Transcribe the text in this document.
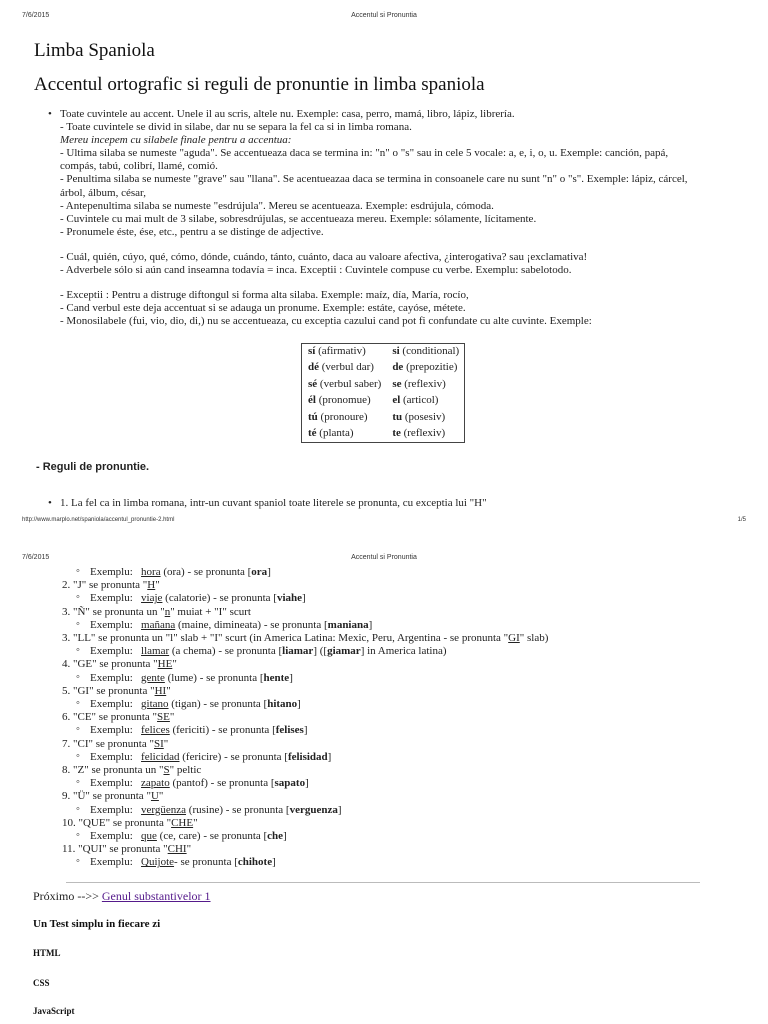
7/6/2015	Accentul si Pronuntia
Limba Spaniola
Accentul ortografic si reguli de pronuntie in limba spaniola
• Toate cuvintele au accent. Unele il au scris, altele nu. Exemple: casa, perro, mamá, libro, lápiz, librería.
- Toate cuvintele se divid in silabe, dar nu se separa la fel ca si in limba romana.
Mereu incepem cu silabele finale pentru a accentua:
- Ultima silaba se numeste "aguda". Se accentueaza daca se termina in: "n" o "s" sau in cele 5 vocale: a, e, i, o, u. Exemple: canción, papá,
compás, tabú, colibrí, llamé, comió.
- Penultima silaba se numeste "grave" sau "llana". Se acentueazaa daca se termina in consoanele care nu sunt "n" o "s". Exemple: lápiz, cárcel,
árbol, álbum, césar,
- Antepenultima silaba se numeste "esdrújula". Mereu se acentueaza. Exemple: esdrújula, cómoda.
- Cuvintele cu mai mult de 3 silabe, sobresdrújulas, se accentueaza mereu. Exemple: sólamente, lícitamente.
- Pronumele éste, ése, etc., pentru a se distinge de adjective.
- Cuál, quién, cúyo, qué, cómo, dónde, cuándo, tánto, cuánto, daca au valoare afectiva, ¿interogativa? sau ¡exclamativa!
- Adverbele sólo si aún cand inseamna todavía = inca. Exceptii : Cuvintele compuse cu verbe. Exemplu: sabelotodo.
- Exceptii : Pentru a distruge diftongul si forma alta silaba. Exemple: maíz, día, María, rocío,
- Cand verbul este deja accentuat si se adauga un pronume. Exemple: estáte, cayóse, métete.
- Monosilabele (fui, vio, dio, di,) nu se accentueaza, cu exceptia cazului cand pot fi confundate cu alte cuvinte. Exemple:
sí (afirmativ)	si (conditional)
dé (verbul dar)	de (prepozitie)
sé (verbul saber)	se (reflexiv)
él (pronomue)	el (articol)
tú (pronoure)	tu (posesiv)
té (planta)	te (reflexiv)
- Reguli de pronuntie.
• 1. La fel ca in limba romana, intr-un cuvant spaniol toate literele se pronunta, cu exceptia lui "H"
http://www.marplo.net/spaniola/accentul_pronuntie-2.html	1/5
7/6/2015	Accentul si Pronuntia
◦ Exemplu: hora (ora) - se pronunta [ora]
2. "J" se pronunta "H"
◦ Exemplu: viaje (calatorie) - se pronunta [viahe]
3. "Ñ" se pronunta un "n" muiat + "I" scurt
◦ Exemplu: mañana (maine, dimineata) - se pronunta [maniana]
3. "LL" se pronunta un "l" slab + "I" scurt (in America Latina: Mexic, Peru, Argentina - se pronunta "GI" slab)
◦ Exemplu: llamar (a chema) - se pronunta [liamar] ([giamar] in America latina)
4. "GE" se pronunta "HE"
◦ Exemplu: gente (lume) - se pronunta [hente]
5. "GI" se pronunta "HI"
◦ Exemplu: gitano (tigan) - se pronunta [hitano]
6. "CE" se pronunta "SE"
◦ Exemplu: felices (fericiti) - se pronunta [felises]
7. "CI" se pronunta "SI"
◦ Exemplu: felicidad (fericire) - se pronunta [felisidad]
8. "Z" se pronunta un "S" peltic
◦ Exemplu: zapato (pantof) - se pronunta [sapato]
9. "Ü" se pronunta "U"
◦ Exemplu: vergüenza (rusine) - se pronunta [verguenza]
10. "QUE" se pronunta "CHE"
◦ Exemplu: que (ce, care) - se pronunta [che]
11. "QUI" se pronunta "CHI"
◦ Exemplu: Quijote- se pronunta [chihote]
Próximo -->> Genul substantivelor 1
Un Test simplu in fiecare zi
HTML
CSS
JavaScript
